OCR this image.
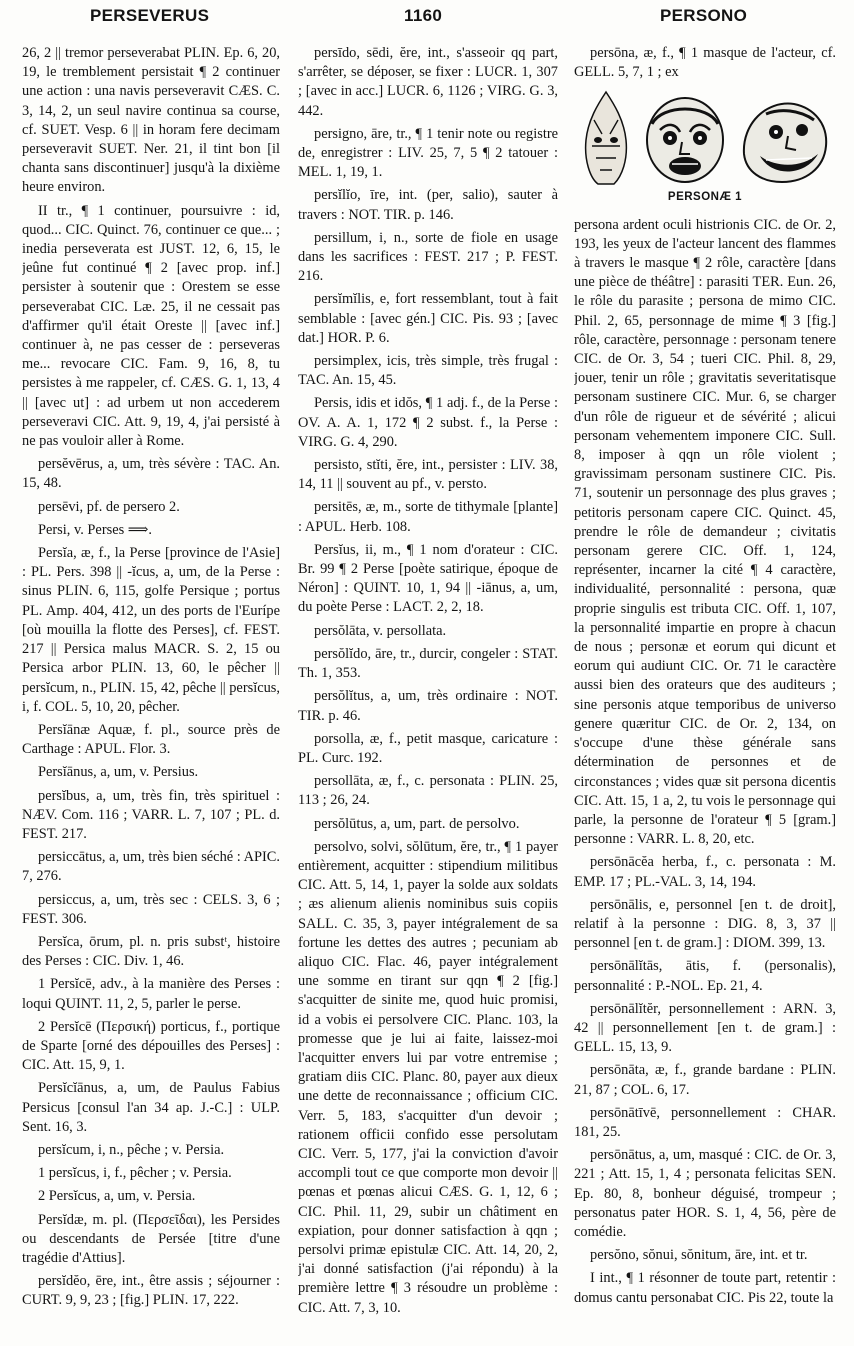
PERSEVERUS	1160	PERSONO

26, 2 || tremor perseverabat PLIN. Ep. 6, 20, 19, le tremblement persistait ¶ 2 continuer une action : una navis perseveravit CÆS. C. 3, 14, 2, un seul navire continua sa course, cf. SUET. Vesp. 6 || in horam fere decimam perseveravit SUET. Ner. 21, il tint bon [il chanta sans discontinuer] jusqu'à la dixième heure environ.

II tr., ¶ 1 continuer, poursuivre : id, quod... CIC. Quinct. 76, continuer ce que... ; inedia perseverata est JUST. 12, 6, 15, le jeûne fut continué ¶ 2 [avec prop. inf.] persister à soutenir que : Orestem se esse perseverabat CIC. Læ. 25, il ne cessait pas d'affirmer qu'il était Oreste || [avec inf.] continuer à, ne pas cesser de : perseveras me... revocare CIC. Fam. 9, 16, 8, tu persistes à me rappeler, cf. CÆS. G. 1, 13, 4 || [avec ut] : ad urbem ut non accederem perseveravi CIC. Att. 9, 19, 4, j'ai persisté à ne pas vouloir aller à Rome.

persĕvērus, a, um, très sévère : TAC. An. 15, 48.

persēvi, pf. de persero 2.

Persi, v. Perses ⟹.

Persĭa, æ, f., la Perse [province de l'Asie] : PL. Pers. 398 || -ĭcus, a, um, de la Perse : sinus PLIN. 6, 115, golfe Persique ; portus PL. Amp. 404, 412, un des ports de l'Eurípe [où mouilla la flotte des Perses], cf. FEST. 217 || Persica malus MACR. S. 2, 15 ou Persica arbor PLIN. 13, 60, le pêcher || persĭcum, n., PLIN. 15, 42, pêche || persĭcus, i, f. COL. 5, 10, 20, pêcher.

Persĭānæ Aquæ, f. pl., source près de Carthage : APUL. Flor. 3.

Persĭānus, a, um, v. Persius.

persĭbus, a, um, très fin, très spirituel : NÆV. Com. 116 ; VARR. L. 7, 107 ; PL. d. FEST. 217.

persiccātus, a, um, très bien séché : APIC. 7, 276.

persiccus, a, um, très sec : CELS. 3, 6 ; FEST. 306.

Persĭca, ōrum, pl. n. pris substᵗ, histoire des Perses : CIC. Div. 1, 46.

1 Persĭcē, adv., à la manière des Perses : loqui QUINT. 11, 2, 5, parler le perse.

2 Persĭcē (Περσική) porticus, f., portique de Sparte [orné des dépouilles des Perses] : CIC. Att. 15, 9, 1.

Persĭcĭānus, a, um, de Paulus Fabius Persicus [consul l'an 34 ap. J.-C.] : ULP. Sent. 16, 3.

persĭcum, i, n., pêche ; v. Persia.

1 persĭcus, i, f., pêcher ; v. Persia.

2 Persĭcus, a, um, v. Persia.

Persĭdæ, m. pl. (Περσεῖδαι), les Persides ou descendants de Persée [titre d'une tragédie d'Attius].

persĭdĕo, ēre, int., être assis ; séjourner : CURT. 9, 9, 23 ; [fig.] PLIN. 17, 222.

persīdo, sēdi, ĕre, int., s'asseoir qq part, s'arrêter, se déposer, se fixer : LUCR. 1, 307 ; [avec in acc.] LUCR. 6, 1126 ; VIRG. G. 3, 442.

persigno, āre, tr., ¶ 1 tenir note ou registre de, enregistrer : LIV. 25, 7, 5 ¶ 2 tatouer : MEL. 1, 19, 1.

persĭlĭo, īre, int. (per, salio), sauter à travers : NOT. TIR. p. 146.

persillum, i, n., sorte de fiole en usage dans les sacrifices : FEST. 217 ; P. FEST. 216.

persĭmĭlis, e, fort ressemblant, tout à fait semblable : [avec gén.] CIC. Pis. 93 ; [avec dat.] HOR. P. 6.

persimplex, icis, très simple, très frugal : TAC. An. 15, 45.

Persis, idis et idŏs, ¶ 1 adj. f., de la Perse : OV. A. A. 1, 172 ¶ 2 subst. f., la Perse : VIRG. G. 4, 290.

persisto, stĭti, ĕre, int., persister : LIV. 38, 14, 11 || souvent au pf., v. persto.

persitēs, æ, m., sorte de tithymale [plante] : APUL. Herb. 108.

Persĭus, ii, m., ¶ 1 nom d'orateur : CIC. Br. 99 ¶ 2 Perse [poète satirique, époque de Néron] : QUINT. 10, 1, 94 || -iānus, a, um, du poète Perse : LACT. 2, 2, 18.

persŏlāta, v. persollata.

persŏlĭdo, āre, tr., durcir, congeler : STAT. Th. 1, 353.

persŏlĭtus, a, um, très ordinaire : NOT. TIR. p. 46.

porsolla, æ, f., petit masque, caricature : PL. Curc. 192.

persollāta, æ, f., c. personata : PLIN. 25, 113 ; 26, 24.

persŏlūtus, a, um, part. de persolvo.

persolvo, solvi, sŏlūtum, ĕre, tr., ¶ 1 payer entièrement, acquitter : stipendium militibus CIC. Att. 5, 14, 1, payer la solde aux soldats ; æs alienum alienis nominibus suis copiis SALL. C. 35, 3, payer intégralement de sa fortune les dettes des autres ; pecuniam ab aliquo CIC. Flac. 46, payer intégralement une somme en tirant sur qqn ¶ 2 [fig.] s'acquitter de sinite me, quod huic promisi, id a vobis ei persolvere CIC. Planc. 103, la promesse que je lui ai faite, laissez-moi l'acquitter envers lui par votre entremise ; gratiam diis CIC. Planc. 80, payer aux dieux une dette de reconnaissance ; officium CIC. Verr. 5, 183, s'acquitter d'un devoir ; rationem officii confido esse persolutam CIC. Verr. 5, 177, j'ai la conviction d'avoir accompli tout ce que comporte mon devoir || pœnas et pœnas alicui CÆS. G. 1, 12, 6 ; CIC. Phil. 11, 29, subir un châtiment en expiation, pour donner satisfaction à qqn ; persolvi primæ epistulæ CIC. Att. 14, 20, 2, j'ai donné satisfaction (j'ai répondu) à la première lettre ¶ 3 résoudre un problème : CIC. Att. 7, 3, 10.

persōna, æ, f., ¶ 1 masque de l'acteur, cf. GELL. 5, 7, 1 ; ex

PERSONÆ 1

persona ardent oculi histrionis CIC. de Or. 2, 193, les yeux de l'acteur lancent des flammes à travers le masque ¶ 2 rôle, caractère [dans une pièce de théâtre] : parasiti TER. Eun. 26, le rôle du parasite ; persona de mimo CIC. Phil. 2, 65, personnage de mime ¶ 3 [fig.] rôle, caractère, personnage : personam tenere CIC. de Or. 3, 54 ; tueri CIC. Phil. 8, 29, jouer, tenir un rôle ; gravitatis severitatisque personam sustinere CIC. Mur. 6, se charger d'un rôle de rigueur et de sévérité ; alicui personam vehementem imponere CIC. Sull. 8, imposer à qqn un rôle violent ; gravissimam personam sustinere CIC. Pis. 71, soutenir un personnage des plus graves ; petitoris personam capere CIC. Quinct. 45, prendre le rôle de demandeur ; civitatis personam gerere CIC. Off. 1, 124, représenter, incarner la cité ¶ 4 caractère, individualité, personnalité : persona, quæ proprie singulis est tributa CIC. Off. 1, 107, la personnalité impartie en propre à chacun de nous ; personæ et eorum qui dicunt et eorum qui audiunt CIC. Or. 71 le caractère aussi bien des orateurs que des auditeurs ; sine personis atque temporibus de universo genere quæritur CIC. de Or. 2, 134, on s'occupe d'une thèse générale sans détermination de personnes et de circonstances ; vides quæ sit persona dicentis CIC. Att. 15, 1 a, 2, tu vois le personnage qui parle, la personne de l'orateur ¶ 5 [gram.] personne : VARR. L. 8, 20, etc.

persōnācĕa herba, f., c. personata : M. EMP. 17 ; PL.-VAL. 3, 14, 194.

persōnālis, e, personnel [en t. de droit], relatif à la personne : DIG. 8, 3, 37 || personnel [en t. de gram.] : DIOM. 399, 13.

persōnālĭtās, ātis, f. (personalis), personnalité : P.-NOL. Ep. 21, 4.

persōnālĭtĕr, personnellement : ARN. 3, 42 || personnellement [en t. de gram.] : GELL. 15, 13, 9.

persōnāta, æ, f., grande bardane : PLIN. 21, 87 ; COL. 6, 17.

persōnātīvē, personnellement : CHAR. 181, 25.

persōnātus, a, um, masqué : CIC. de Or. 3, 221 ; Att. 15, 1, 4 ; personata felicitas SEN. Ep. 80, 8, bonheur déguisé, trompeur ; personatus pater HOR. S. 1, 4, 56, père de comédie.

persŏno, sŏnui, sŏnitum, āre, int. et tr.

I int., ¶ 1 résonner de toute part, retentir : domus cantu personabat CIC. Pis 22, toute la
